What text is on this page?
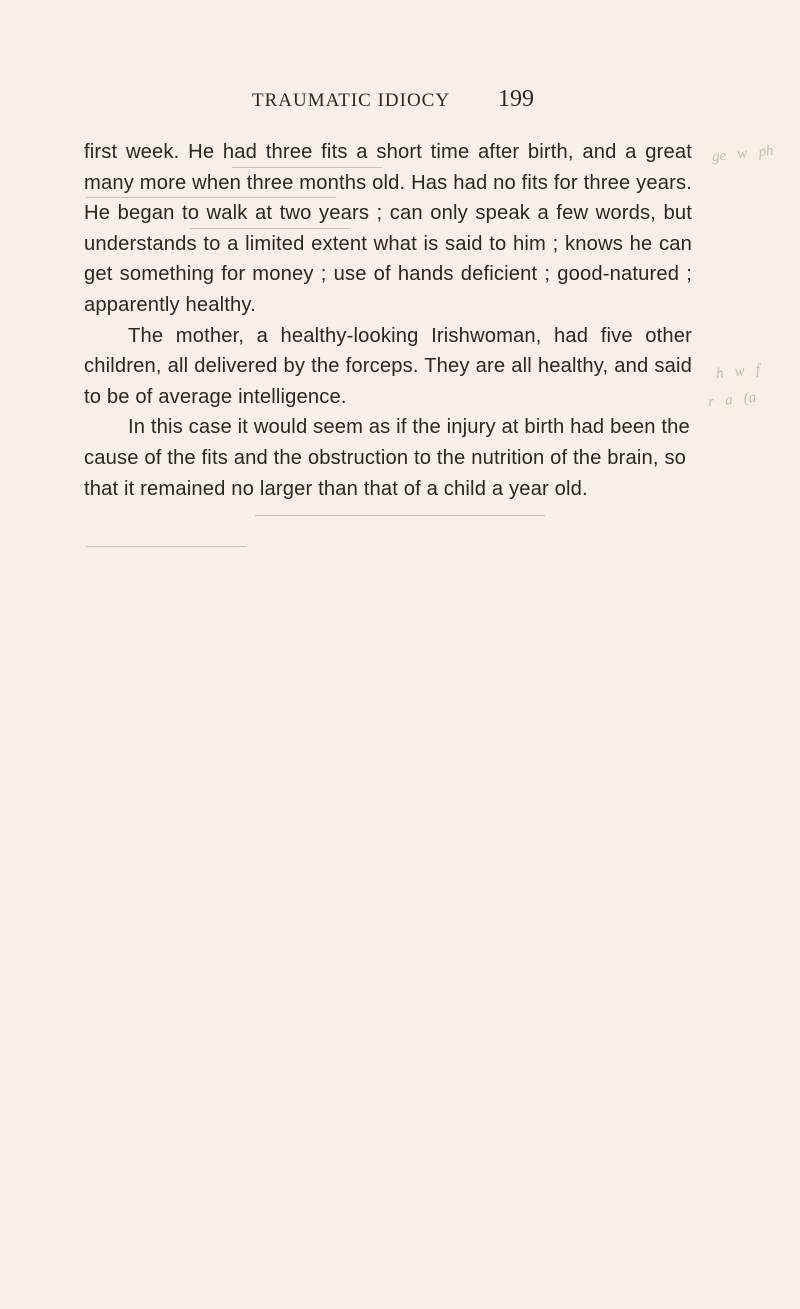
TRAUMATIC IDIOCY 199

first week. He had three fits a short time after birth, and a great many more when three months old. Has had no fits for three years. He began to walk at two years ; can only speak a few words, but understands to a limited extent what is said to him ; knows he can get something for money ; use of hands deficient ; good-natured ; apparently healthy.

The mother, a healthy-looking Irishwoman, had five other children, all delivered by the forceps. They are all healthy, and said to be of average intelligence.

In this case it would seem as if the injury at birth had been the cause of the fits and the obstruction to the nutrition of the brain, so that it remained no larger than that of a child a year old.

ge   w   ph
h   w   f
r   a   (a
